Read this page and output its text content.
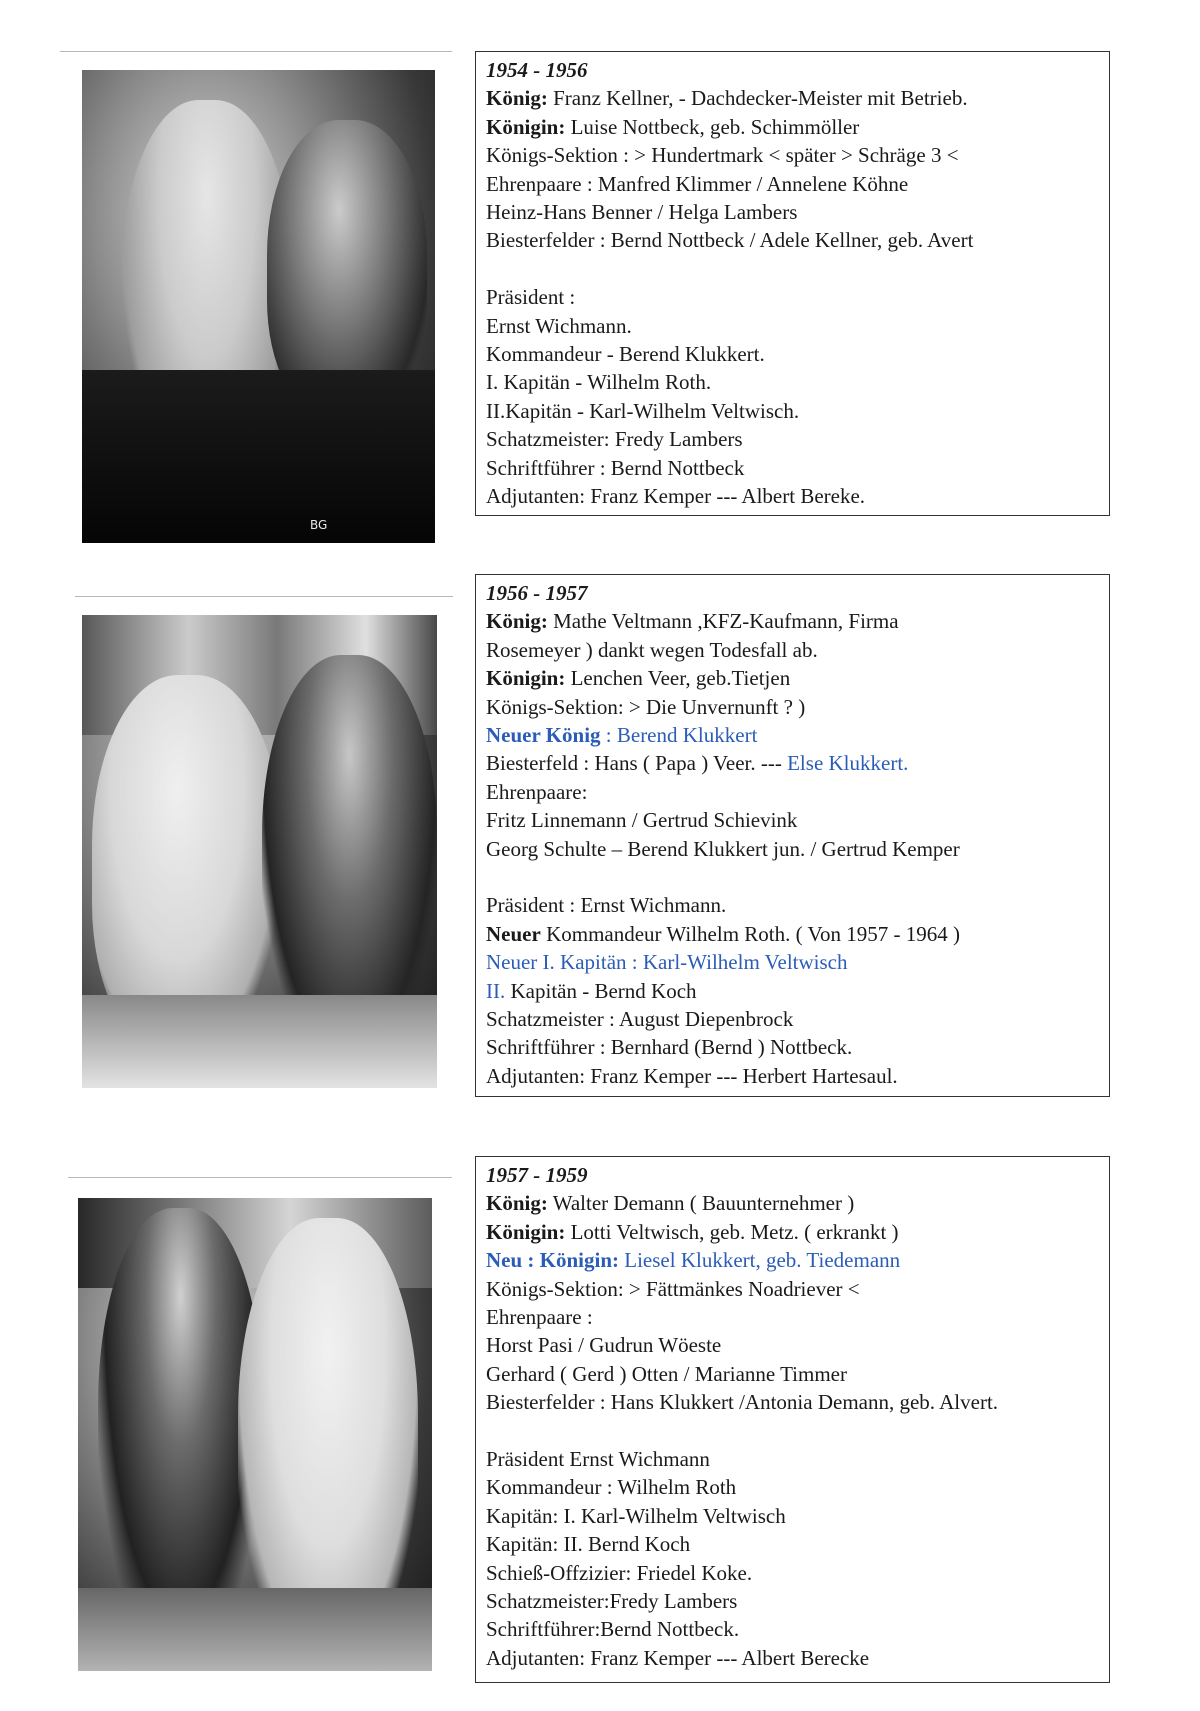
BG
1954 - 1956
König: Franz Kellner, - Dachdecker-Meister mit Betrieb.
Königin: Luise Nottbeck, geb. Schimmöller
Königs-Sektion : > Hundertmark < später > Schräge 3 <
Ehrenpaare : Manfred Klimmer / Annelene Köhne
Heinz-Hans Benner / Helga Lambers
Biesterfelder : Bernd Nottbeck / Adele Kellner, geb. Avert
Präsident :
Ernst Wichmann.
Kommandeur - Berend Klukkert.
I. Kapitän - Wilhelm Roth.
II.Kapitän - Karl-Wilhelm Veltwisch.
Schatzmeister: Fredy Lambers
Schriftführer : Bernd Nottbeck
Adjutanten: Franz Kemper --- Albert Bereke.
1956 - 1957
König: Mathe Veltmann ,KFZ-Kaufmann, Firma
Rosemeyer ) dankt wegen Todesfall ab.
Königin: Lenchen Veer, geb.Tietjen
Königs-Sektion: > Die Unvernunft ? )
Neuer König : Berend Klukkert
Biesterfeld : Hans ( Papa ) Veer. --- Else Klukkert.
Ehrenpaare:
Fritz Linnemann / Gertrud Schievink
Georg Schulte – Berend Klukkert jun. / Gertrud Kemper
Präsident : Ernst Wichmann.
Neuer Kommandeur Wilhelm Roth. ( Von 1957 - 1964 )
Neuer I. Kapitän : Karl-Wilhelm Veltwisch
II. Kapitän - Bernd Koch
Schatzmeister : August Diepenbrock
Schriftführer : Bernhard (Bernd ) Nottbeck.
Adjutanten: Franz Kemper --- Herbert Hartesaul.
1957 - 1959
König: Walter Demann ( Bauunternehmer )
Königin: Lotti Veltwisch, geb. Metz. ( erkrankt )
Neu : Königin: Liesel Klukkert, geb. Tiedemann
Königs-Sektion: > Fättmänkes Noadriever <
Ehrenpaare :
Horst Pasi / Gudrun Wöeste
Gerhard ( Gerd ) Otten / Marianne Timmer
Biesterfelder : Hans Klukkert /Antonia Demann, geb. Alvert.
Präsident Ernst Wichmann
Kommandeur : Wilhelm Roth
Kapitän: I. Karl-Wilhelm Veltwisch
Kapitän: II. Bernd Koch
Schieß-Offzizier: Friedel Koke.
Schatzmeister:Fredy Lambers
Schriftführer:Bernd Nottbeck.
Adjutanten: Franz Kemper --- Albert Berecke
